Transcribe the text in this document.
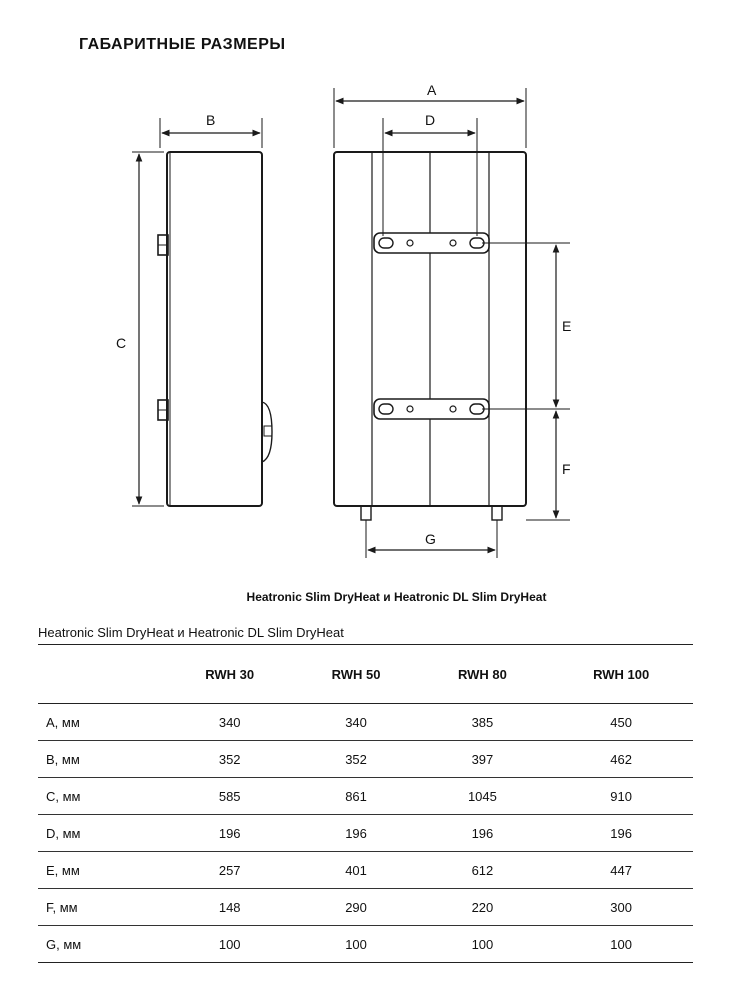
ГАБАРИТНЫЕ РАЗМЕРЫ
A
B
C
D
E
F
G
Heatronic Slim DryHeat и Heatronic DL Slim DryHeat
Heatronic Slim DryHeat и Heatronic DL Slim DryHeat
	RWH 30	RWH 50	RWH 80	RWH 100
А, мм	340	340	385	450
В, мм	352	352	397	462
С, мм	585	861	1045	910
D, мм	196	196	196	196
E, мм	257	401	612	447
F, мм	148	290	220	300
G, мм	100	100	100	100
